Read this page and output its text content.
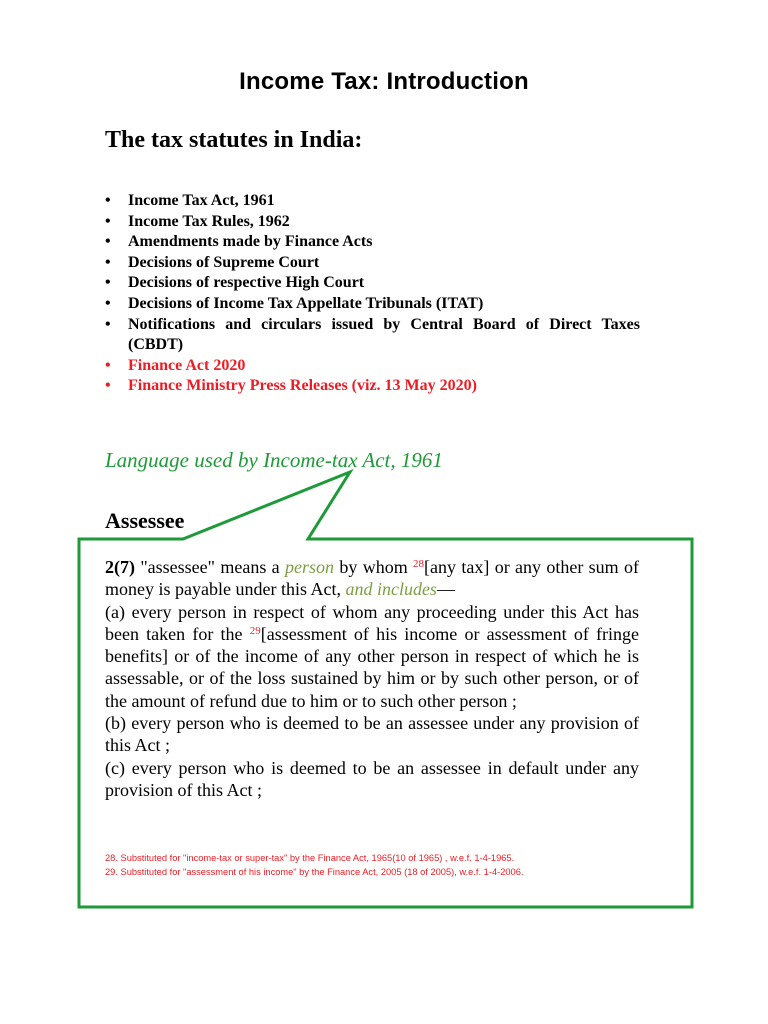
Income Tax: Introduction
The tax statutes in India:
• Income Tax Act, 1961
• Income Tax Rules, 1962
• Amendments made by Finance Acts
• Decisions of Supreme Court
• Decisions of respective High Court
• Decisions of Income Tax Appellate Tribunals (ITAT)
• Notifications and circulars issued by Central Board of Direct Taxes (CBDT)
• Finance Act 2020
• Finance Ministry Press Releases (viz. 13 May 2020)
Language used by Income-tax Act, 1961
Assessee

2(7) "assessee" means a person by whom $^{28}$[any tax] or any other sum of money is payable under this Act, and includes—

(a) every person in respect of whom any proceeding under this Act has been taken for the $^{29}$[assessment of his income or assessment of fringe benefits] or of the income of any other person in respect of which he is assessable, or of the loss sustained by him or by such other person, or of the amount of refund due to him or to such other person ;

(b) every person who is deemed to be an assessee under any provision of this Act ;

(c) every person who is deemed to be an assessee in default under any provision of this Act ;

28. Substituted for "income-tax or super-tax" by the Finance Act, 1965(10 of 1965) , w.e.f. 1-4-1965.

29. Substituted for "assessment of his income" by the Finance Act, 2005 (18 of 2005), w.e.f. 1-4-2006.
